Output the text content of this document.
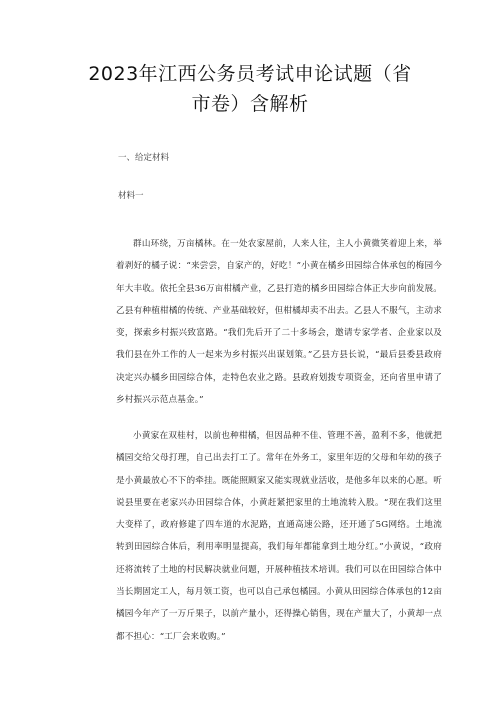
2023年江西公务员考试申论试题（省
市卷）含解析
一、给定材料
材料一
群山环绕，万亩橘林。在一处农家屋前，人来人往，主人小黄微笑着迎上来，举着剥好的橘子说：“来尝尝，自家产的，好吃！”小黄在橘乡田园综合体承包的梅园今年大丰收。依托全县36万亩柑橘产业，乙县打造的橘乡田园综合体正大步向前发展。乙县有种植柑橘的传统、产业基础较好，但柑橘却卖不出去。乙县人不服气，主动求变，探索乡村振兴致富路。“我们先后开了二十多场会，邀请专家学者、企业家以及我们县在外工作的人一起来为乡村振兴出谋划策。”乙县方县长说，“最后县委县政府决定兴办橘乡田园综合体，走特色农业之路。县政府划拨专项资金，还向省里申请了乡村振兴示范点基金。”
小黄家在双桂村，以前也种柑橘，但因品种不佳、管理不善，盈利不多，他就把橘园交给父母打理，自己出去打工了。常年在外务工，家里年迈的父母和年幼的孩子是小黄最放心不下的牵挂。既能照顾家又能实现就业活收，是他多年以来的心愿。听说县里要在老家兴办田园综合体，小黄赶紧把家里的土地流转入股。“现在我们这里大变样了，政府修建了四车道的水泥路，直通高速公路，还开通了5G网络。土地流转到田园综合体后，利用率明显提高，我们每年都能拿到土地分红。”小黄说，“政府还将流转了土地的村民解决就业问题，开展种植技术培训。我们可以在田园综合体中当长期固定工人，每月领工资，也可以自己承包橘园。小黄从田园综合体承包的12亩橘园今年产了一万斤果子，以前产量小，还得操心销售，现在产量大了，小黄却一点都不担心：“工厂会来收购。”
